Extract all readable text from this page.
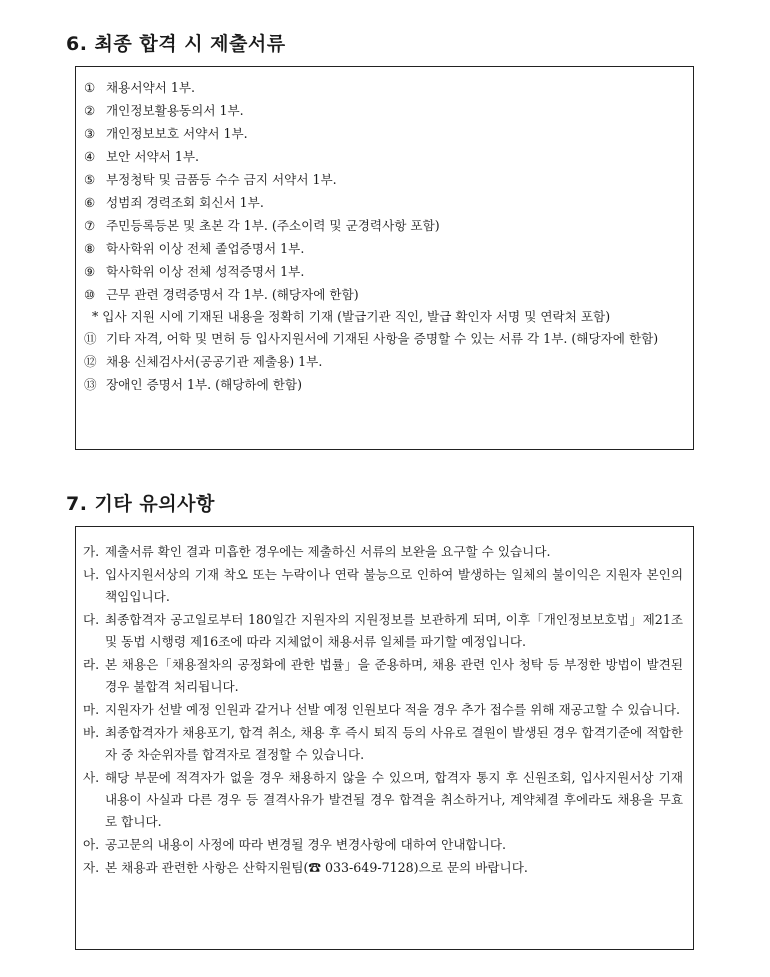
6. 최종 합격 시 제출서류
① 채용서약서 1부.
② 개인정보활용동의서 1부.
③ 개인정보보호 서약서 1부.
④ 보안 서약서 1부.
⑤ 부정청탁 및 금품등 수수 금지 서약서 1부.
⑥ 성범죄 경력조회 회신서 1부.
⑦ 주민등록등본 및 초본 각 1부. (주소이력 및 군경력사항 포함)
⑧ 학사학위 이상 전체 졸업증명서 1부.
⑨ 학사학위 이상 전체 성적증명서 1부.
⑩ 근무 관련 경력증명서 각 1부. (해당자에 한함)
* 입사 지원 시에 기재된 내용을 정확히 기재 (발급기관 직인, 발급 확인자 서명 및 연락처 포함)
⑪ 기타 자격, 어학 및 면허 등 입사지원서에 기재된 사항을 증명할 수 있는 서류 각 1부. (해당자에 한함)
⑫ 채용 신체검사서(공공기관 제출용) 1부.
⑬ 장애인 증명서 1부. (해당하에 한함)
7. 기타 유의사항
가. 제출서류 확인 결과 미흡한 경우에는 제출하신 서류의 보완을 요구할 수 있습니다.
나. 입사지원서상의 기재 착오 또는 누락이나 연락 불능으로 인하여 발생하는 일체의 불이익은 지원자 본인의 책임입니다.
다. 최종합격자 공고일로부터 180일간 지원자의 지원정보를 보관하게 되며, 이후「개인정보보호법」제21조 및 동법 시행령 제16조에 따라 지체없이 채용서류 일체를 파기할 예정입니다.
라. 본 채용은「채용절차의 공정화에 관한 법률」을 준용하며, 채용 관련 인사 청탁 등 부정한 방법이 발견된 경우 불합격 처리됩니다.
마. 지원자가 선발 예정 인원과 같거나 선발 예정 인원보다 적을 경우 추가 접수를 위해 재공고할 수 있습니다.
바. 최종합격자가 채용포기, 합격 취소, 채용 후 즉시 퇴직 등의 사유로 결원이 발생된 경우 합격기준에 적합한 자 중 차순위자를 합격자로 결정할 수 있습니다.
사. 해당 부문에 적격자가 없을 경우 채용하지 않을 수 있으며, 합격자 통지 후 신원조회, 입사지원서상 기재 내용이 사실과 다른 경우 등 결격사유가 발견될 경우 합격을 취소하거나, 계약체결 후에라도 채용을 무효로 합니다.
아. 공고문의 내용이 사정에 따라 변경될 경우 변경사항에 대하여 안내합니다.
자. 본 채용과 관련한 사항은 산학지원팀(☎ 033-649-7128)으로 문의 바랍니다.
